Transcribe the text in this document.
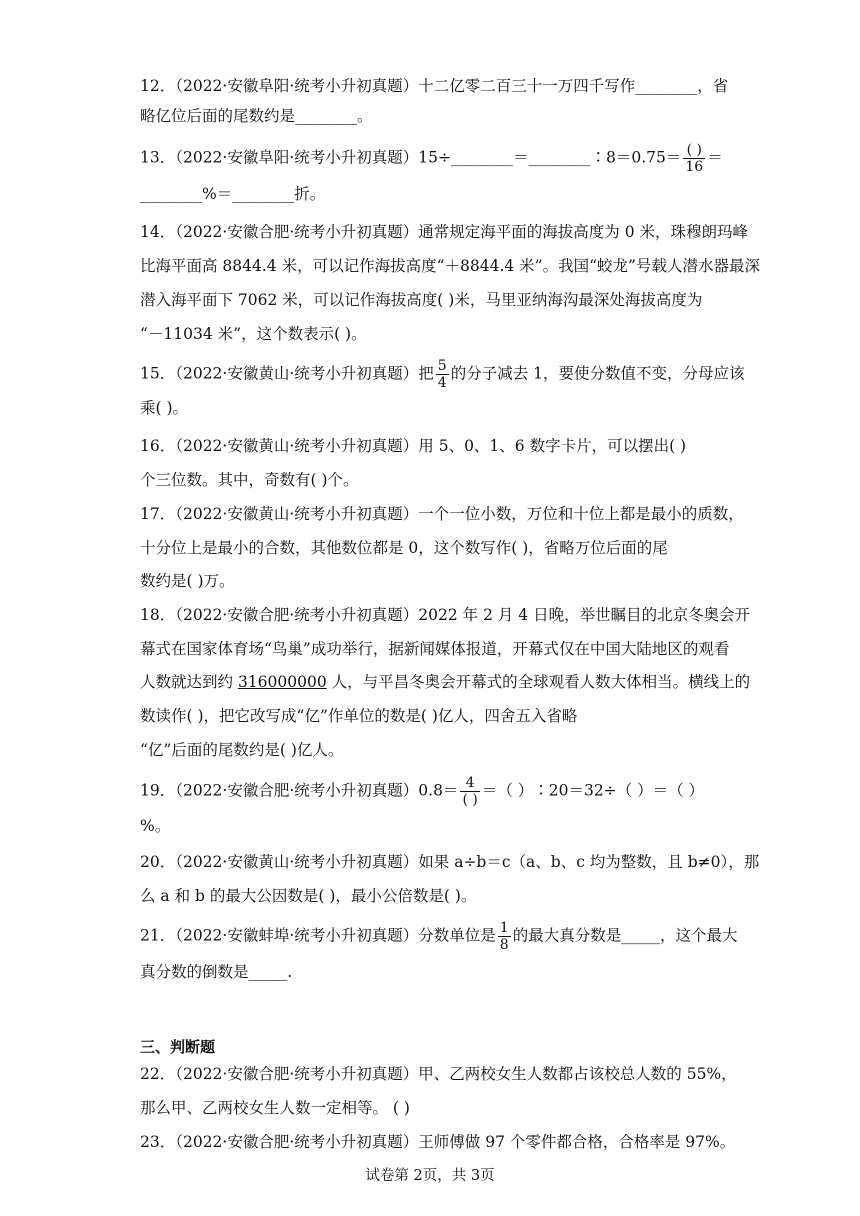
12．（2022·安徽阜阳·统考小升初真题）十二亿零二百三十一万四千写作________，省
略亿位后面的尾数约是________。
13．（2022·安徽阜阳·统考小升初真题）15÷________＝________∶8＝0.75＝ $\frac{( )}{16}$ ＝
________%＝________折。
14．（2022·安徽合肥·统考小升初真题）通常规定海平面的海拔高度为 0 米，珠穆朗玛峰
比海平面高 8844.4 米，可以记作海拔高度“＋8844.4 米”。我国“蛟龙”号载人潜水器最深
潜入海平面下 7062 米，可以记作海拔高度( )米，马里亚纳海沟最深处海拔高度为
“－11034 米”，这个数表示( )。
15．（2022·安徽黄山·统考小升初真题）把 $\frac{5}{4}$ 的分子减去 1，要使分数值不变，分母应该
乘( )。
16．（2022·安徽黄山·统考小升初真题）用 5、0、1、6 数字卡片，可以摆出( )
个三位数。其中，奇数有( )个。
17．（2022·安徽黄山·统考小升初真题）一个一位小数，万位和十位上都是最小的质数，
十分位上是最小的合数，其他数位都是 0，这个数写作( )，省略万位后面的尾
数约是( )万。
18．（2022·安徽合肥·统考小升初真题）2022 年 2 月 4 日晚，举世瞩目的北京冬奥会开
幕式在国家体育场“鸟巢”成功举行，据新闻媒体报道，开幕式仅在中国大陆地区的观看
人数就达到约 316000000 人，与平昌冬奥会开幕式的全球观看人数大体相当。横线上的
数读作( )，把它改写成“亿”作单位的数是( )亿人，四舍五入省略
“亿”后面的尾数约是( )亿人。
19．（2022·安徽合肥·统考小升初真题）$0.8= \frac{4}{( )}$ ＝（ ）∶20＝32÷（ ）＝（ ）
%。
20．（2022·安徽黄山·统考小升初真题）如果 a÷b＝c（a、b、c 均为整数，且 b≠0），那
么 a 和 b 的最大公因数是( )，最小公倍数是( )。
21．（2022·安徽蚌埠·统考小升初真题）分数单位是 $\frac{1}{8}$ 的最大真分数是_____，这个最大
真分数的倒数是_____.
三、判断题
22．（2022·安徽合肥·统考小升初真题）甲、乙两校女生人数都占该校总人数的 55%，
那么甲、乙两校女生人数一定相等。 ( )
23．（2022·安徽合肥·统考小升初真题）王师傅做 97 个零件都合格，合格率是 97%。
试卷第 2页，共 3页
